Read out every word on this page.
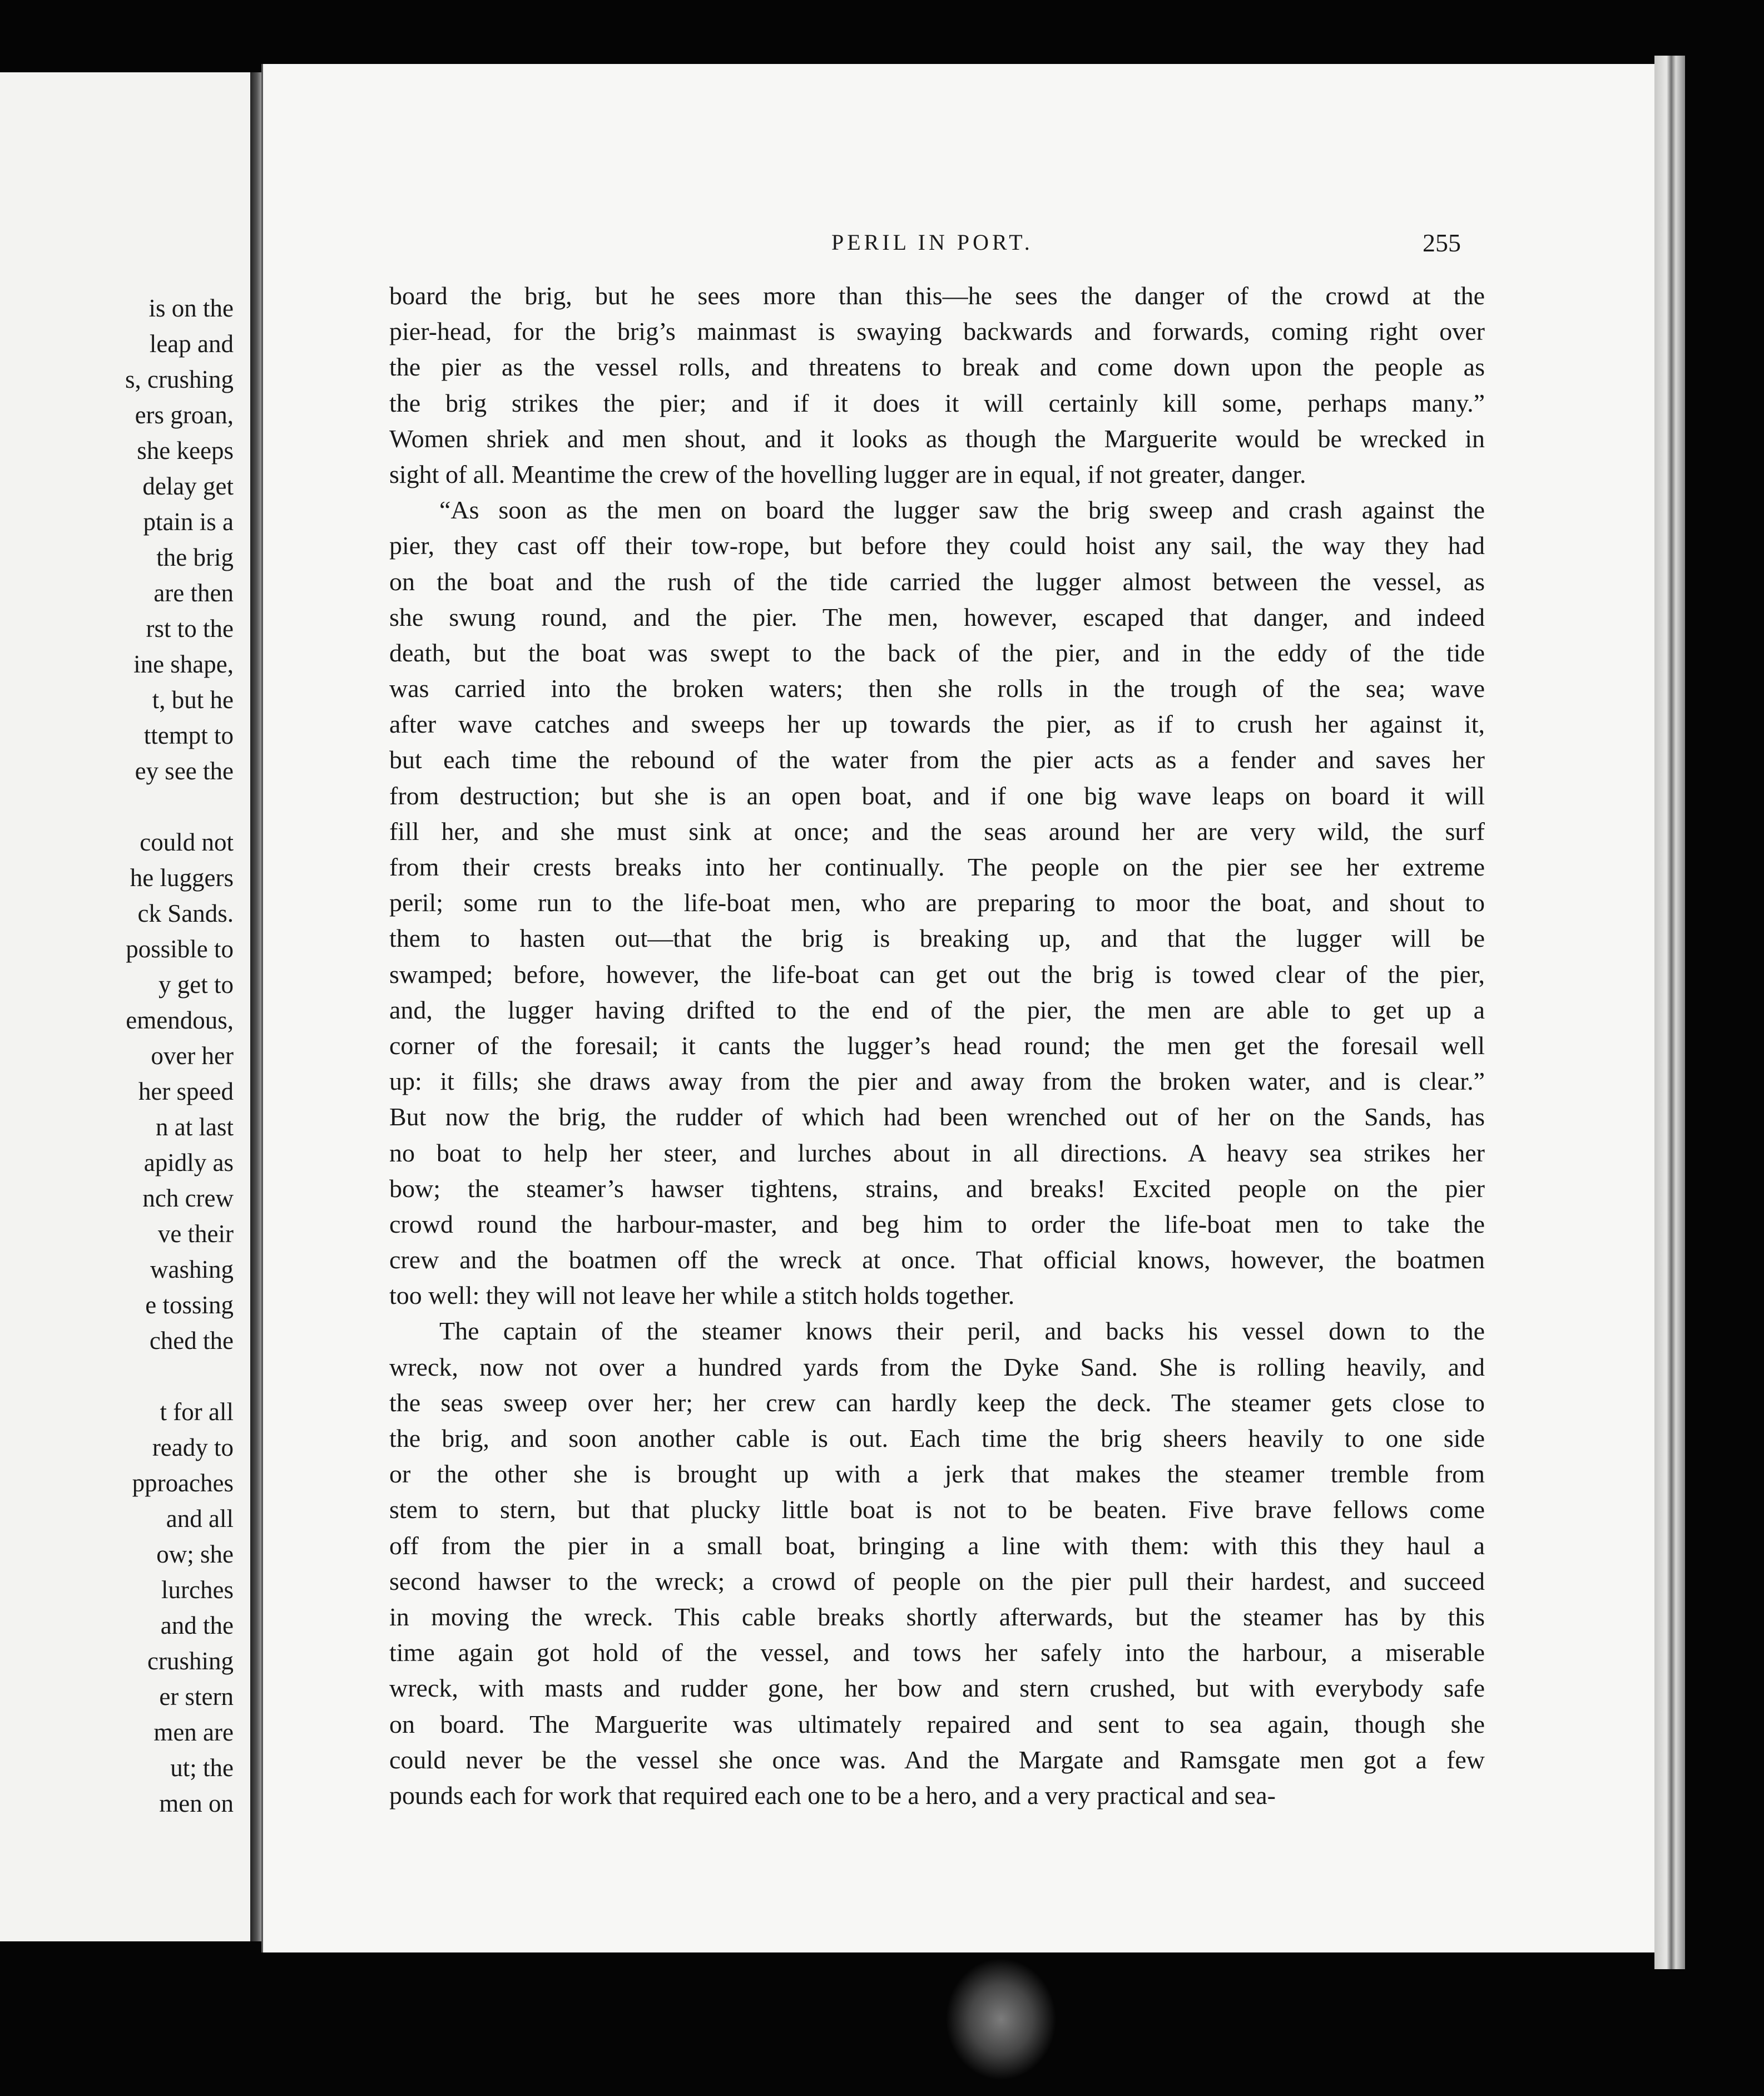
is on the
leap and
s, crushing
ers groan,
she keeps
delay get
ptain is a
the brig
are then
rst to the
ine shape,
t, but he
ttempt to
ey see the
could not
he luggers
ck Sands.
possible to
y get to
emendous,
over her
her speed
n at last
apidly as
nch crew
ve their
washing
e tossing
ched the
t for all
ready to
pproaches
and all
ow; she
lurches
and the
crushing
er stern
men are
ut; the
men on
PERIL IN PORT.	255
board the brig, but he sees more than this—he sees the danger of the crowd at the
pier-head, for the brig’s mainmast is swaying backwards and forwards, coming right over
the pier as the vessel rolls, and threatens to break and come down upon the people as
the brig strikes the pier; and if it does it will certainly kill some, perhaps many.”
Women shriek and men shout, and it looks as though the Marguerite would be wrecked in
sight of all. Meantime the crew of the hovelling lugger are in equal, if not greater, danger.
“As soon as the men on board the lugger saw the brig sweep and crash against the
pier, they cast off their tow-rope, but before they could hoist any sail, the way they had
on the boat and the rush of the tide carried the lugger almost between the vessel, as
she swung round, and the pier. The men, however, escaped that danger, and indeed
death, but the boat was swept to the back of the pier, and in the eddy of the tide
was carried into the broken waters; then she rolls in the trough of the sea; wave
after wave catches and sweeps her up towards the pier, as if to crush her against it,
but each time the rebound of the water from the pier acts as a fender and saves her
from destruction; but she is an open boat, and if one big wave leaps on board it will
fill her, and she must sink at once; and the seas around her are very wild, the surf
from their crests breaks into her continually. The people on the pier see her extreme
peril; some run to the life-boat men, who are preparing to moor the boat, and shout to
them to hasten out—that the brig is breaking up, and that the lugger will be
swamped; before, however, the life-boat can get out the brig is towed clear of the pier,
and, the lugger having drifted to the end of the pier, the men are able to get up a
corner of the foresail; it cants the lugger’s head round; the men get the foresail well
up: it fills; she draws away from the pier and away from the broken water, and is clear.”
But now the brig, the rudder of which had been wrenched out of her on the Sands, has
no boat to help her steer, and lurches about in all directions. A heavy sea strikes her
bow; the steamer’s hawser tightens, strains, and breaks! Excited people on the pier
crowd round the harbour-master, and beg him to order the life-boat men to take the
crew and the boatmen off the wreck at once. That official knows, however, the boatmen
too well: they will not leave her while a stitch holds together.
The captain of the steamer knows their peril, and backs his vessel down to the
wreck, now not over a hundred yards from the Dyke Sand. She is rolling heavily, and
the seas sweep over her; her crew can hardly keep the deck. The steamer gets close to
the brig, and soon another cable is out. Each time the brig sheers heavily to one side
or the other she is brought up with a jerk that makes the steamer tremble from
stem to stern, but that plucky little boat is not to be beaten. Five brave fellows come
off from the pier in a small boat, bringing a line with them: with this they haul a
second hawser to the wreck; a crowd of people on the pier pull their hardest, and succeed
in moving the wreck. This cable breaks shortly afterwards, but the steamer has by this
time again got hold of the vessel, and tows her safely into the harbour, a miserable
wreck, with masts and rudder gone, her bow and stern crushed, but with everybody safe
on board. The Marguerite was ultimately repaired and sent to sea again, though she
could never be the vessel she once was. And the Margate and Ramsgate men got a few
pounds each for work that required each one to be a hero, and a very practical and sea-
